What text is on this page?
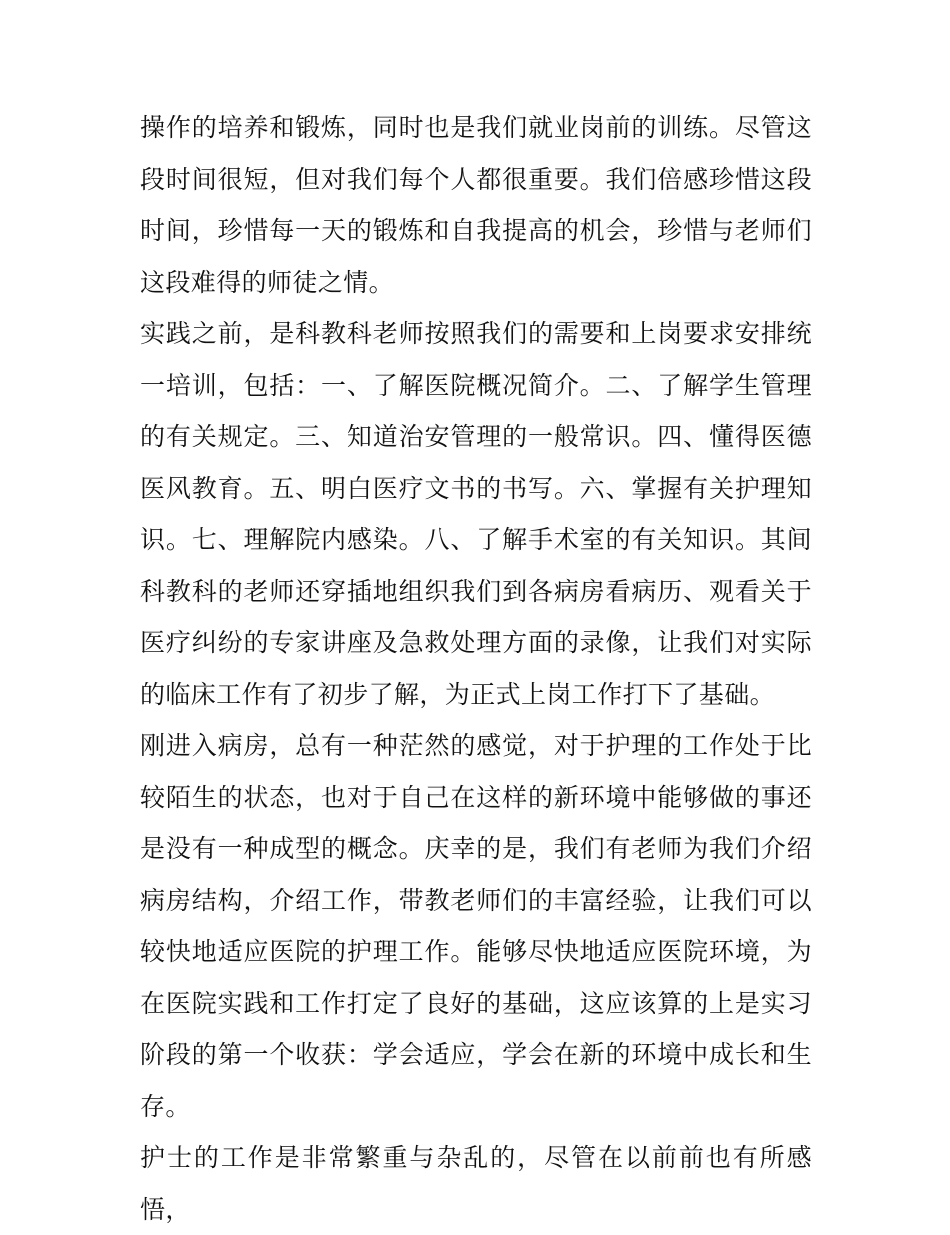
操作的培养和锻炼，同时也是我们就业岗前的训练。尽管这段时间很短，但对我们每个人都很重要。我们倍感珍惜这段时间，珍惜每一天的锻炼和自我提高的机会，珍惜与老师们这段难得的师徒之情。

实践之前，是科教科老师按照我们的需要和上岗要求安排统一培训，包括：一、了解医院概况简介。二、了解学生管理的有关规定。三、知道治安管理的一般常识。四、懂得医德医风教育。五、明白医疗文书的书写。六、掌握有关护理知识。七、理解院内感染。八、了解手术室的有关知识。其间科教科的老师还穿插地组织我们到各病房看病历、观看关于医疗纠纷的专家讲座及急救处理方面的录像，让我们对实际的临床工作有了初步了解，为正式上岗工作打下了基础。

刚进入病房，总有一种茫然的感觉，对于护理的工作处于比较陌生的状态，也对于自己在这样的新环境中能够做的事还是没有一种成型的概念。庆幸的是，我们有老师为我们介绍病房结构，介绍工作，带教老师们的丰富经验，让我们可以较快地适应医院的护理工作。能够尽快地适应医院环境，为在医院实践和工作打定了良好的基础，这应该算的上是实习阶段的第一个收获：学会适应，学会在新的环境中成长和生存。

护士的工作是非常繁重与杂乱的，尽管在以前前也有所感悟，
